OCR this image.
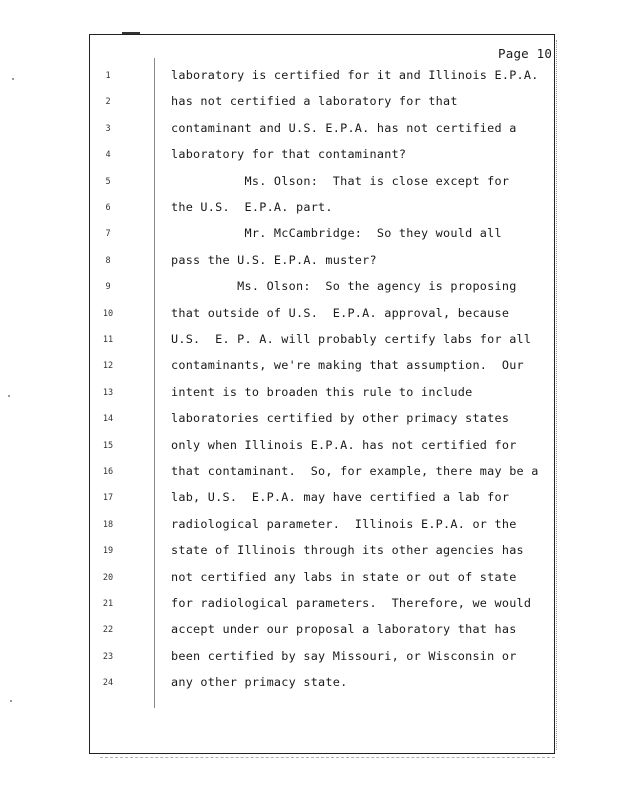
Page 10
1	laboratory is certified for it and Illinois E.P.A.
2	has not certified a laboratory for that
3	contaminant and U.S. E.P.A. has not certified a
4	laboratory for that contaminant?
5	Ms. Olson:  That is close except for
6	the U.S.  E.P.A. part.
7	Mr. McCambridge:  So they would all
8	pass the U.S. E.P.A. muster?
9	Ms. Olson:  So the agency is proposing
10	that outside of U.S.  E.P.A. approval, because
11	U.S.  E. P. A. will probably certify labs for all
12	contaminants, we're making that assumption.  Our
13	intent is to broaden this rule to include
14	laboratories certified by other primacy states
15	only when Illinois E.P.A. has not certified for
16	that contaminant.  So, for example, there may be a
17	lab, U.S.  E.P.A. may have certified a lab for
18	radiological parameter.  Illinois E.P.A. or the
19	state of Illinois through its other agencies has
20	not certified any labs in state or out of state
21	for radiological parameters.  Therefore, we would
22	accept under our proposal a laboratory that has
23	been certified by say Missouri, or Wisconsin or
24	any other primacy state.
